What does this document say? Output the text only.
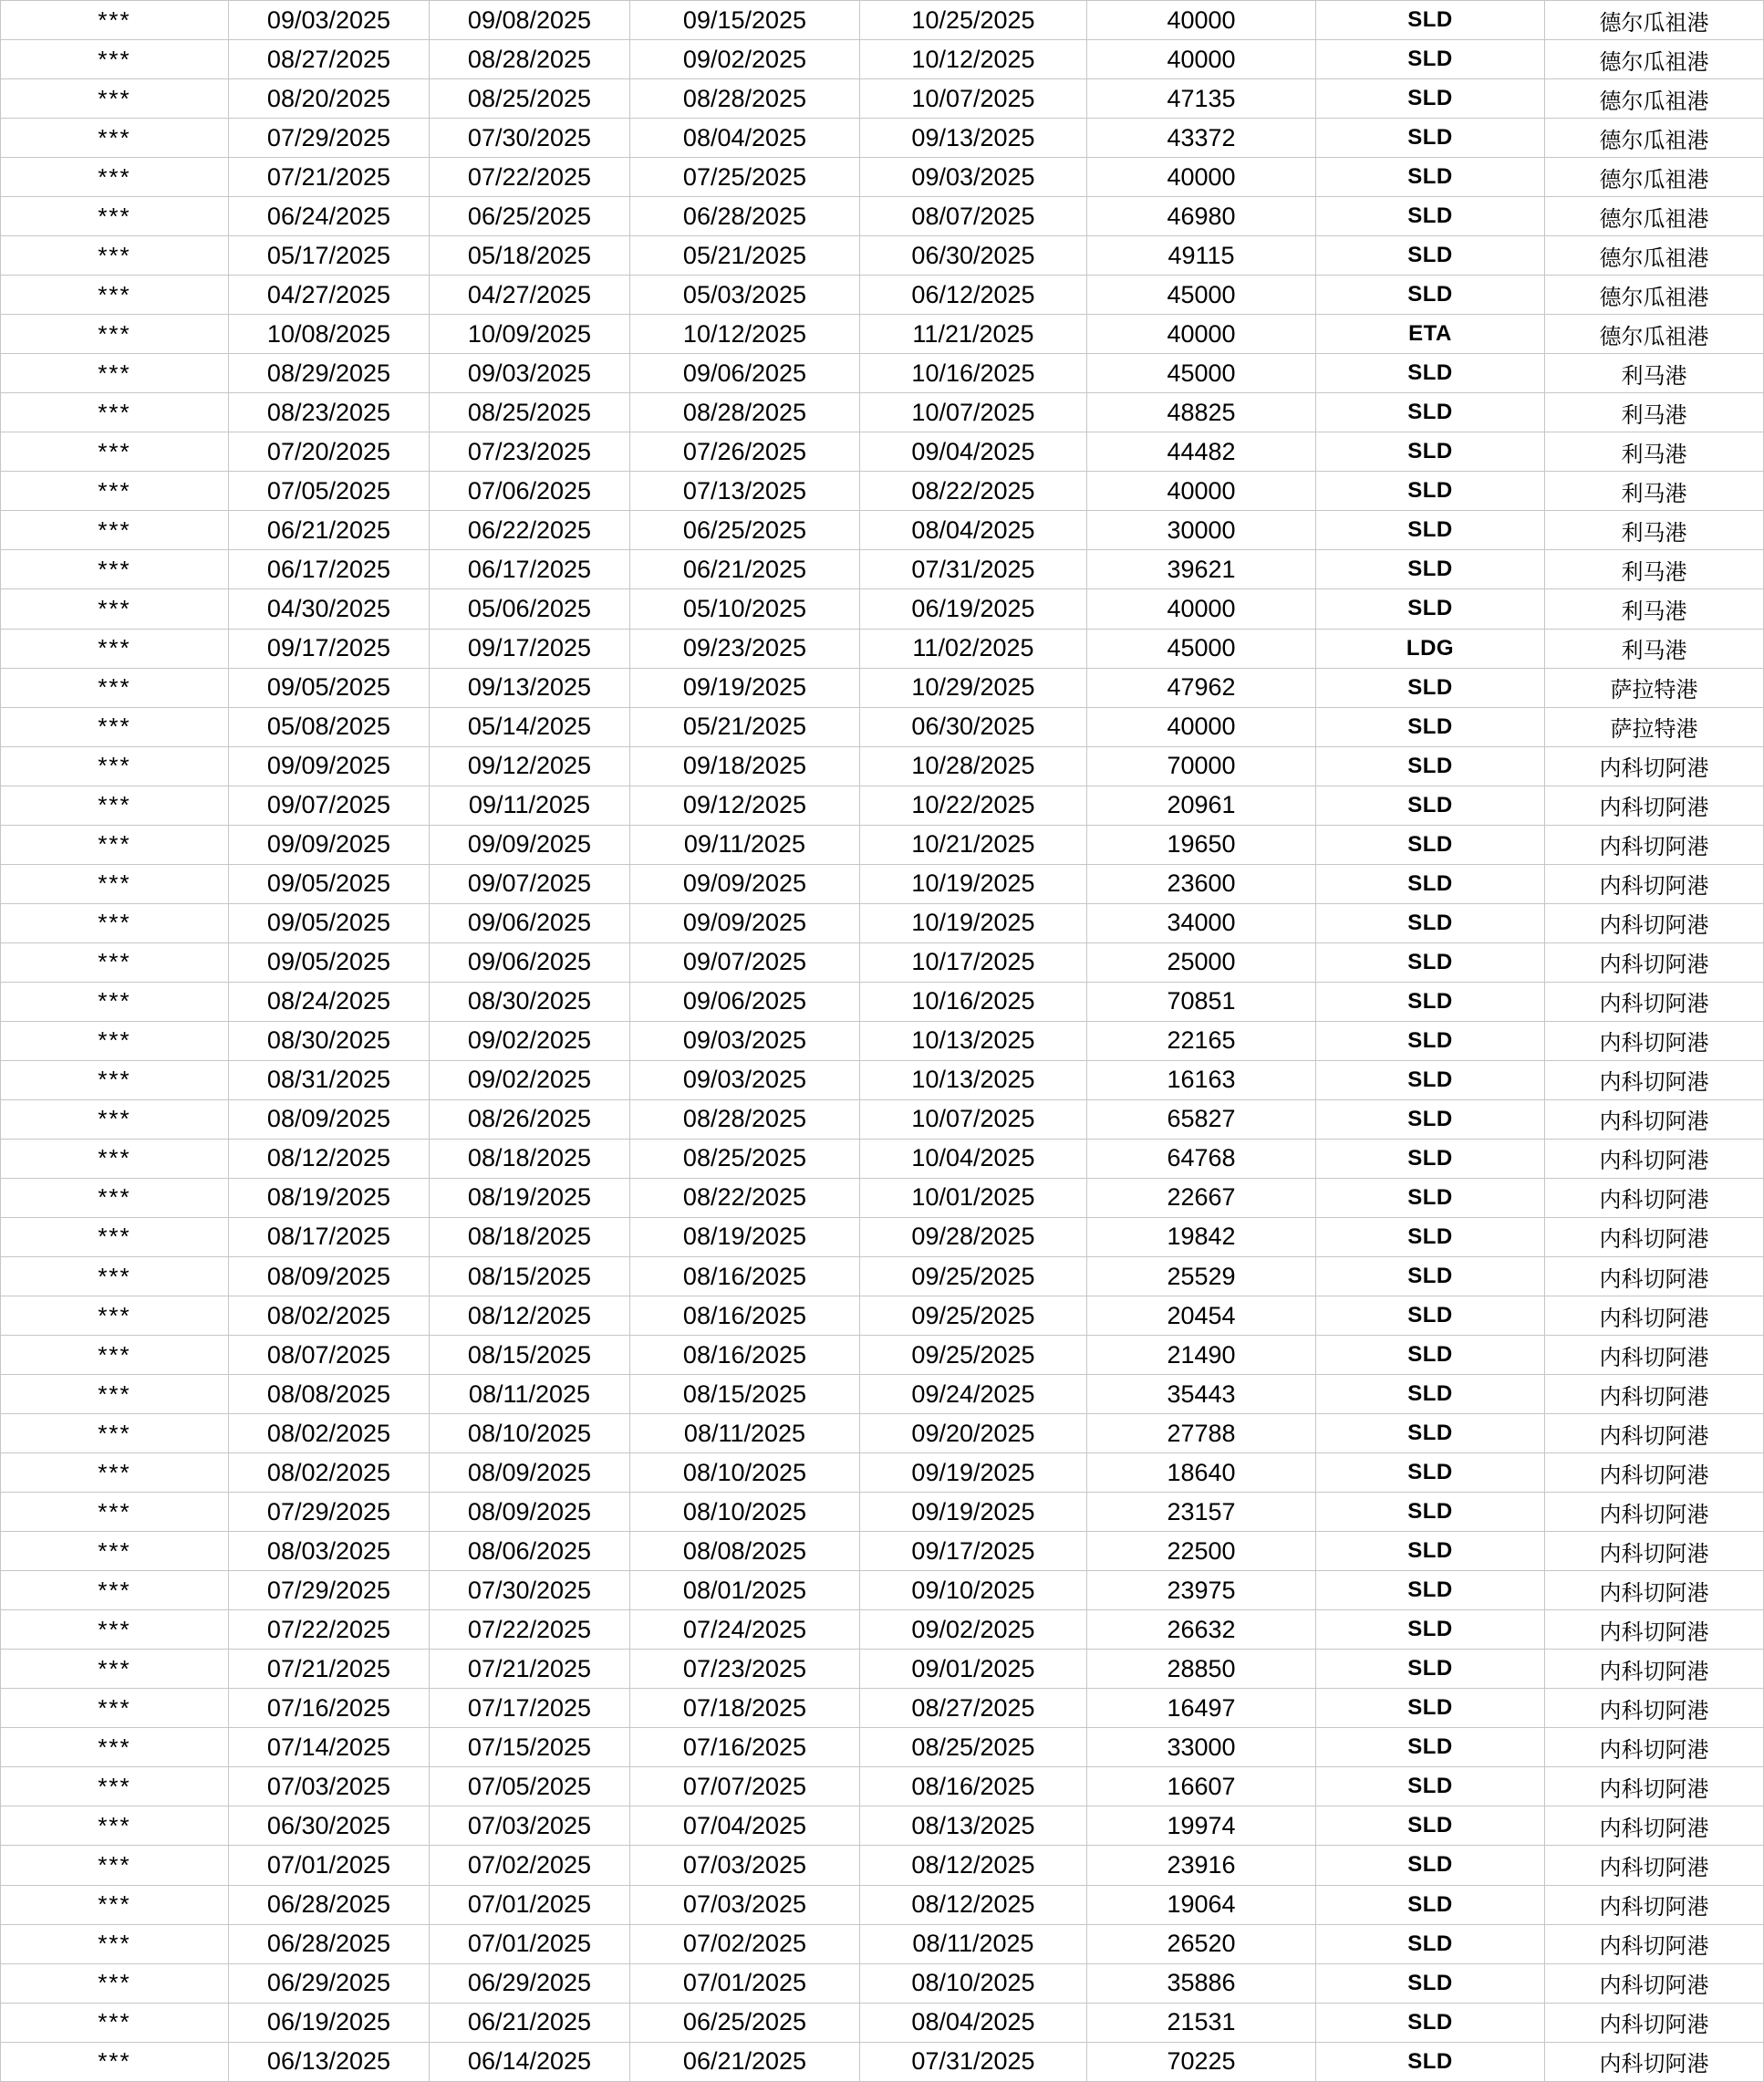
***	09/03/2025	09/08/2025	09/15/2025	10/25/2025	40000	SLD	德尔瓜祖港
***	08/27/2025	08/28/2025	09/02/2025	10/12/2025	40000	SLD	德尔瓜祖港
***	08/20/2025	08/25/2025	08/28/2025	10/07/2025	47135	SLD	德尔瓜祖港
***	07/29/2025	07/30/2025	08/04/2025	09/13/2025	43372	SLD	德尔瓜祖港
***	07/21/2025	07/22/2025	07/25/2025	09/03/2025	40000	SLD	德尔瓜祖港
***	06/24/2025	06/25/2025	06/28/2025	08/07/2025	46980	SLD	德尔瓜祖港
***	05/17/2025	05/18/2025	05/21/2025	06/30/2025	49115	SLD	德尔瓜祖港
***	04/27/2025	04/27/2025	05/03/2025	06/12/2025	45000	SLD	德尔瓜祖港
***	10/08/2025	10/09/2025	10/12/2025	11/21/2025	40000	ETA	德尔瓜祖港
***	08/29/2025	09/03/2025	09/06/2025	10/16/2025	45000	SLD	利马港
***	08/23/2025	08/25/2025	08/28/2025	10/07/2025	48825	SLD	利马港
***	07/20/2025	07/23/2025	07/26/2025	09/04/2025	44482	SLD	利马港
***	07/05/2025	07/06/2025	07/13/2025	08/22/2025	40000	SLD	利马港
***	06/21/2025	06/22/2025	06/25/2025	08/04/2025	30000	SLD	利马港
***	06/17/2025	06/17/2025	06/21/2025	07/31/2025	39621	SLD	利马港
***	04/30/2025	05/06/2025	05/10/2025	06/19/2025	40000	SLD	利马港
***	09/17/2025	09/17/2025	09/23/2025	11/02/2025	45000	LDG	利马港
***	09/05/2025	09/13/2025	09/19/2025	10/29/2025	47962	SLD	萨拉特港
***	05/08/2025	05/14/2025	05/21/2025	06/30/2025	40000	SLD	萨拉特港
***	09/09/2025	09/12/2025	09/18/2025	10/28/2025	70000	SLD	内科切阿港
***	09/07/2025	09/11/2025	09/12/2025	10/22/2025	20961	SLD	内科切阿港
***	09/09/2025	09/09/2025	09/11/2025	10/21/2025	19650	SLD	内科切阿港
***	09/05/2025	09/07/2025	09/09/2025	10/19/2025	23600	SLD	内科切阿港
***	09/05/2025	09/06/2025	09/09/2025	10/19/2025	34000	SLD	内科切阿港
***	09/05/2025	09/06/2025	09/07/2025	10/17/2025	25000	SLD	内科切阿港
***	08/24/2025	08/30/2025	09/06/2025	10/16/2025	70851	SLD	内科切阿港
***	08/30/2025	09/02/2025	09/03/2025	10/13/2025	22165	SLD	内科切阿港
***	08/31/2025	09/02/2025	09/03/2025	10/13/2025	16163	SLD	内科切阿港
***	08/09/2025	08/26/2025	08/28/2025	10/07/2025	65827	SLD	内科切阿港
***	08/12/2025	08/18/2025	08/25/2025	10/04/2025	64768	SLD	内科切阿港
***	08/19/2025	08/19/2025	08/22/2025	10/01/2025	22667	SLD	内科切阿港
***	08/17/2025	08/18/2025	08/19/2025	09/28/2025	19842	SLD	内科切阿港
***	08/09/2025	08/15/2025	08/16/2025	09/25/2025	25529	SLD	内科切阿港
***	08/02/2025	08/12/2025	08/16/2025	09/25/2025	20454	SLD	内科切阿港
***	08/07/2025	08/15/2025	08/16/2025	09/25/2025	21490	SLD	内科切阿港
***	08/08/2025	08/11/2025	08/15/2025	09/24/2025	35443	SLD	内科切阿港
***	08/02/2025	08/10/2025	08/11/2025	09/20/2025	27788	SLD	内科切阿港
***	08/02/2025	08/09/2025	08/10/2025	09/19/2025	18640	SLD	内科切阿港
***	07/29/2025	08/09/2025	08/10/2025	09/19/2025	23157	SLD	内科切阿港
***	08/03/2025	08/06/2025	08/08/2025	09/17/2025	22500	SLD	内科切阿港
***	07/29/2025	07/30/2025	08/01/2025	09/10/2025	23975	SLD	内科切阿港
***	07/22/2025	07/22/2025	07/24/2025	09/02/2025	26632	SLD	内科切阿港
***	07/21/2025	07/21/2025	07/23/2025	09/01/2025	28850	SLD	内科切阿港
***	07/16/2025	07/17/2025	07/18/2025	08/27/2025	16497	SLD	内科切阿港
***	07/14/2025	07/15/2025	07/16/2025	08/25/2025	33000	SLD	内科切阿港
***	07/03/2025	07/05/2025	07/07/2025	08/16/2025	16607	SLD	内科切阿港
***	06/30/2025	07/03/2025	07/04/2025	08/13/2025	19974	SLD	内科切阿港
***	07/01/2025	07/02/2025	07/03/2025	08/12/2025	23916	SLD	内科切阿港
***	06/28/2025	07/01/2025	07/03/2025	08/12/2025	19064	SLD	内科切阿港
***	06/28/2025	07/01/2025	07/02/2025	08/11/2025	26520	SLD	内科切阿港
***	06/29/2025	06/29/2025	07/01/2025	08/10/2025	35886	SLD	内科切阿港
***	06/19/2025	06/21/2025	06/25/2025	08/04/2025	21531	SLD	内科切阿港
***	06/13/2025	06/14/2025	06/21/2025	07/31/2025	70225	SLD	内科切阿港
